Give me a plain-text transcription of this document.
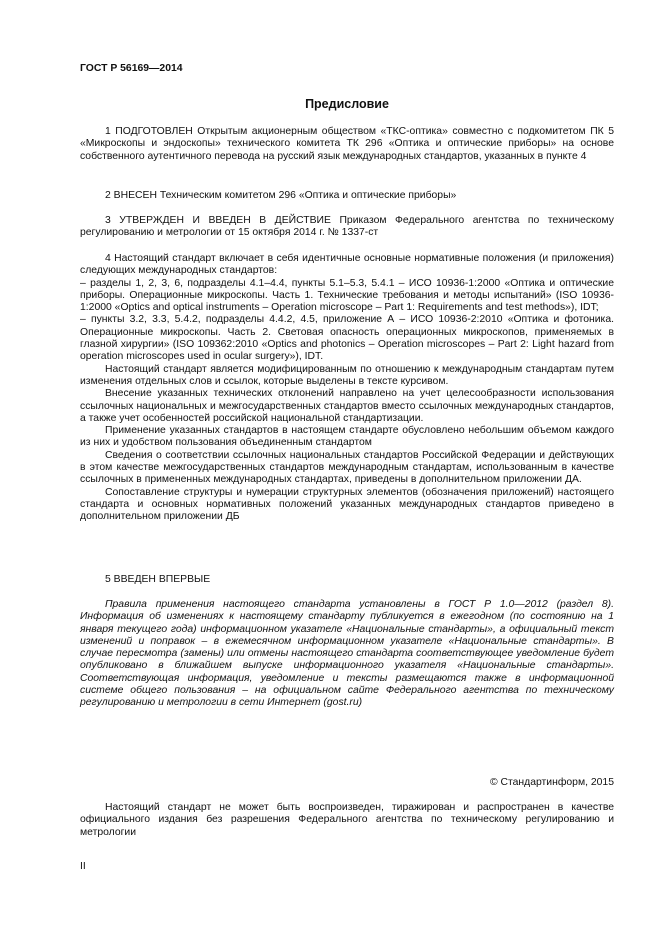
ГОСТ Р 56169—2014
Предисловие

1 ПОДГОТОВЛЕН Открытым акционерным обществом «ТКС-оптика» совместно с подкомитетом ПК 5 «Микроскопы и эндоскопы» технического комитета ТК 296 «Оптика и оптические приборы» на основе собственного аутентичного перевода на русский язык международных стандартов, указанных в пункте 4

2 ВНЕСЕН Техническим комитетом 296 «Оптика и оптические приборы»

3 УТВЕРЖДЕН И ВВЕДЕН В ДЕЙСТВИЕ Приказом Федерального агентства по техническому регулированию и метрологии от 15 октября 2014 г. № 1337-ст

4 Настоящий стандарт включает в себя идентичные основные нормативные положения (и приложения) следующих международных стандартов:

– разделы 1, 2, 3, 6, подразделы 4.1–4.4, пункты 5.1–5.3, 5.4.1 – ИСО 10936-1:2000 «Оптика и оптические приборы. Операционные микроскопы. Часть 1. Технические требования и методы испытаний» (ISO 10936-1:2000 «Optics and optical instruments – Operation microscope – Part 1: Requirements and test methods»), IDT;

– пункты 3.2, 3.3, 5.4.2, подразделы 4.4.2, 4.5, приложение А – ИСО 10936-2:2010 «Оптика и фотоника. Операционные микроскопы. Часть 2. Световая опасность операционных микроскопов, применяемых в глазной хирургии» (ISO 109362:2010 «Optics and photonics – Operation microscopes – Part 2: Light hazard from operation microscopes used in ocular surgery»), IDT.

Настоящий стандарт является модифицированным по отношению к международным стандартам путем изменения отдельных слов и ссылок, которые выделены в тексте курсивом.

Внесение указанных технических отклонений направлено на учет целесообразности использования ссылочных национальных и межгосударственных стандартов вместо ссылочных международных стандартов, а также учет особенностей российской национальной стандартизации.

Применение указанных стандартов в настоящем стандарте обусловлено небольшим объемом каждого из них и удобством пользования объединенным стандартом

Сведения о соответствии ссылочных национальных стандартов Российской Федерации и действующих в этом качестве межгосударственных стандартов международным стандартам, использованным в качестве ссылочных в примененных международных стандартах, приведены в дополнительном приложении ДА.

Сопоставление структуры и нумерации структурных элементов (обозначения приложений) настоящего стандарта и основных нормативных положений указанных международных стандартов приведено в дополнительном приложении ДБ

5 ВВЕДЕН ВПЕРВЫЕ

Правила применения настоящего стандарта установлены в ГОСТ Р 1.0—2012 (раздел 8). Информация об изменениях к настоящему стандарту публикуется в ежегодном (по состоянию на 1 января текущего года) информационном указателе «Национальные стандарты», а официальный текст изменений и поправок – в ежемесячном информационном указателе «Национальные стандарты». В случае пересмотра (замены) или отмены настоящего стандарта соответствующее уведомление будет опубликовано в ближайшем выпуске информационного указателя «Национальные стандарты». Соответствующая информация, уведомление и тексты размещаются также в информационной системе общего пользования – на официальном сайте Федерального агентства по техническому регулированию и метрологии в сети Интернет (gost.ru)

© Стандартинформ, 2015

Настоящий стандарт не может быть воспроизведен, тиражирован и распространен в качестве официального издания без разрешения Федерального агентства по техническому регулированию и метрологии

II
